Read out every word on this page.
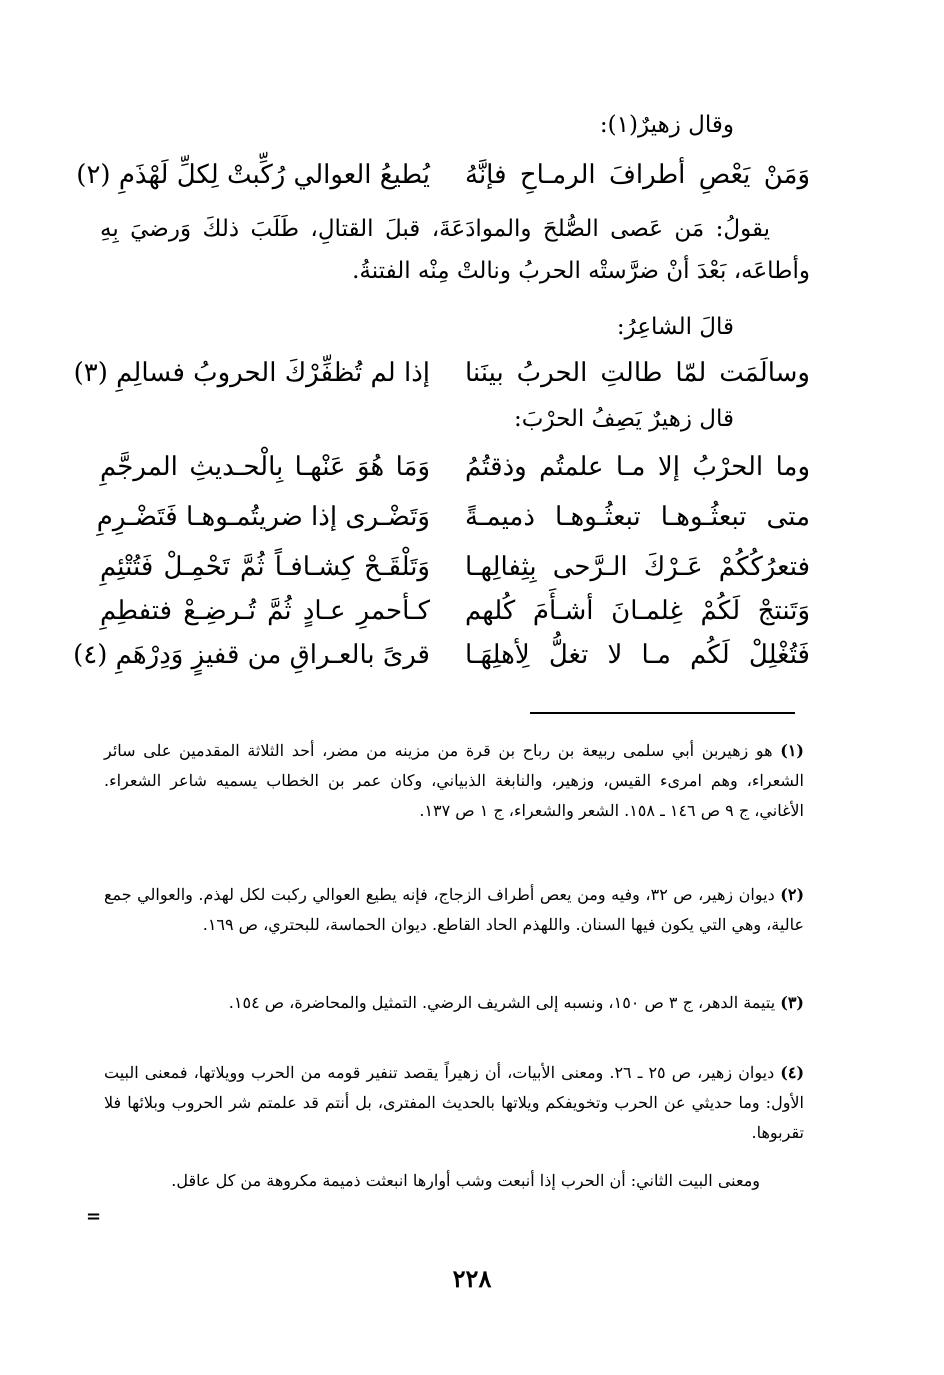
وقال زهيرٌ(١):
وَمَنْ يَعْصِ أطرافَ الرمـاحِ فإنَّهُ
يُطيعُ العوالي رُكِّبتْ لِكلِّ لَهْذَمِ (٢)
يقولُ: مَن عَصى الصُّلحَ والموادَعَةَ، قبلَ القتالِ، طَلَبَ ذلكَ وَرضيَ بِهِ وأطاعَه، بَعْدَ أنْ ضرَّستْه الحربُ ونالتْ مِنْه الفتنةُ.
قالَ الشاعِرُ:
وسالَمَت لمّا طالتِ الحربُ بينَنا
إذا لم تُظفِّرْكَ الحروبُ فسالِمِ (٣)
قال زهيرٌ يَصِفُ الحرْبَ:
وما الحرْبُ إلا مـا علمتُم وذقتُمُ
وَمَا هُوَ عَنْهـا بِالْحـديثِ المرجَّمِ
متى تبعثُـوهـا تبعثُـوهـا ذميمـةً
وَتَضْـرى إذا ضريتُمـوهـا فَتَضْـرِمِ
فتعرُكُكُمْ عَـرْكَ الـرَّحى بِثِفالِهـا
وَتَلْقَـحْ كِشـافـاً ثُمَّ تَحْمِـلْ فَتُتْئِمِ
وَتَنتجْ لَكُمْ غِلمـانَ أشـأَمَ كُلهم
كـأحمرِ عـادٍ ثُمَّ تُـرضِـعْ فتفطِمِ
فَتُغْلِلْ لَكُم مـا لا تغلُّ لِأهلِهَـا
قرىً بالعـراقِ من قفيزٍ وَدِرْهَمِ (٤)
(١) هو زهيربن أبي سلمى ربيعة بن رباح بن قرة من مزينه من مضر، أحد الثلاثة المقدمين على سائر الشعراء، وهم امرىء القيس، وزهير، والنابغة الذبياني، وكان عمر بن الخطاب يسميه شاعر الشعراء. الأغاني، ج ٩ ص ١٤٦ ـ ١٥٨. الشعر والشعراء، ج ١ ص ١٣٧.
(٢) ديوان زهير، ص ٣٢، وفيه ومن يعص أطراف الزجاج، فإنه يطيع العوالي ركبت لكل لهذم. والعوالي جمع عالية، وهي التي يكون فيها السنان. واللهذم الحاد القاطع. ديوان الحماسة، للبحتري، ص ١٦٩.
(٣) يتيمة الدهر، ج ٣ ص ١٥٠، ونسبه إلى الشريف الرضي. التمثيل والمحاضرة، ص ١٥٤.
(٤) ديوان زهير، ص ٢٥ ـ ٢٦. ومعنى الأبيات، أن زهيراً يقصد تنفير قومه من الحرب وويلاتها، فمعنى البيت الأول: وما حديثي عن الحرب وتخويفكم ويلاتها بالحديث المفترى، بل أنتم قد علمتم شر الحروب وبلائها فلا تقربوها.
ومعنى البيت الثاني: أن الحرب إذا أنبعت وشب أوارها انبعثت ذميمة مكروهة من كل عاقل.
=
٢٢٨
